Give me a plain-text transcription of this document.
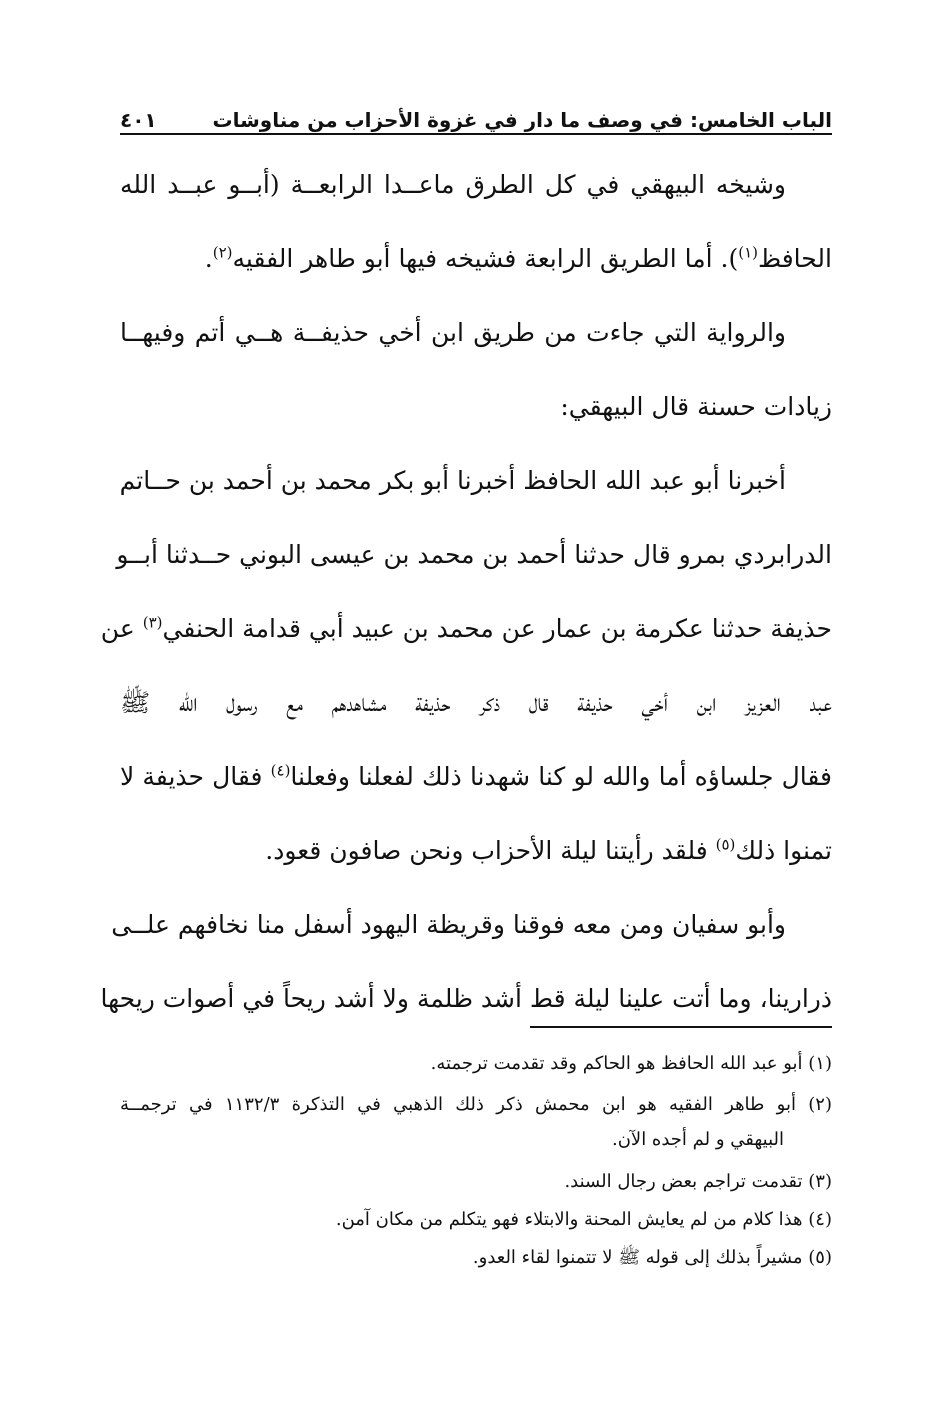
الباب الخامس: في وصف ما دار في غزوة الأحزاب من مناوشات
٤٠١
وشيخه البيهقي في كل الطرق ماعــدا الرابعــة (أبــو عبــد الله
الحافظ$^{(١)}$). أما الطريق الرابعة فشيخه فيها أبو طاهر الفقيه$^{(٢)}$.
والرواية التي جاءت من طريق ابن أخي حذيفــة هــي أتم وفيهــا
زيادات حسنة قال البيهقي:
أخبرنا أبو عبد الله الحافظ أخبرنا أبو بكر محمد بن أحمد بن حــاتم
الدرابردي بمرو قال حدثنا أحمد بن محمد بن عيسى البوني حــدثنا أبــو
حذيفة حدثنا عكرمة بن عمار عن محمد بن عبيد أبي قدامة الحنفي$^{(٣)}$ عن
عبد العزيز ابن أخي حذيفة قال ذكر حذيفة مشاهدهم مع رسول الله ﷺ
فقال جلساؤه أما والله لو كنا شهدنا ذلك لفعلنا وفعلنا$^{(٤)}$ فقال حذيفة لا
تمنوا ذلك$^{(٥)}$ فلقد رأيتنا ليلة الأحزاب ونحن صافون قعود.
وأبو سفيان ومن معه فوقنا وقريظة اليهود أسفل منا نخافهم علــى
ذرارينا، وما أتت علينا ليلة قط أشد ظلمة ولا أشد ريحاً في أصوات ريحها
(١) أبو عبد الله الحافظ هو الحاكم وقد تقدمت ترجمته.
(٢) أبو طاهر الفقيه هو ابن محمش ذكر ذلك الذهبي في التذكرة ١١٣٢/٣ في ترجمــة
البيهقي و لم أجده الآن.
(٣) تقدمت تراجم بعض رجال السند.
(٤) هذا كلام من لم يعايش المحنة والابتلاء فهو يتكلم من مكان آمن.
(٥) مشيراً بذلك إلى قوله ﷺ لا تتمنوا لقاء العدو.
